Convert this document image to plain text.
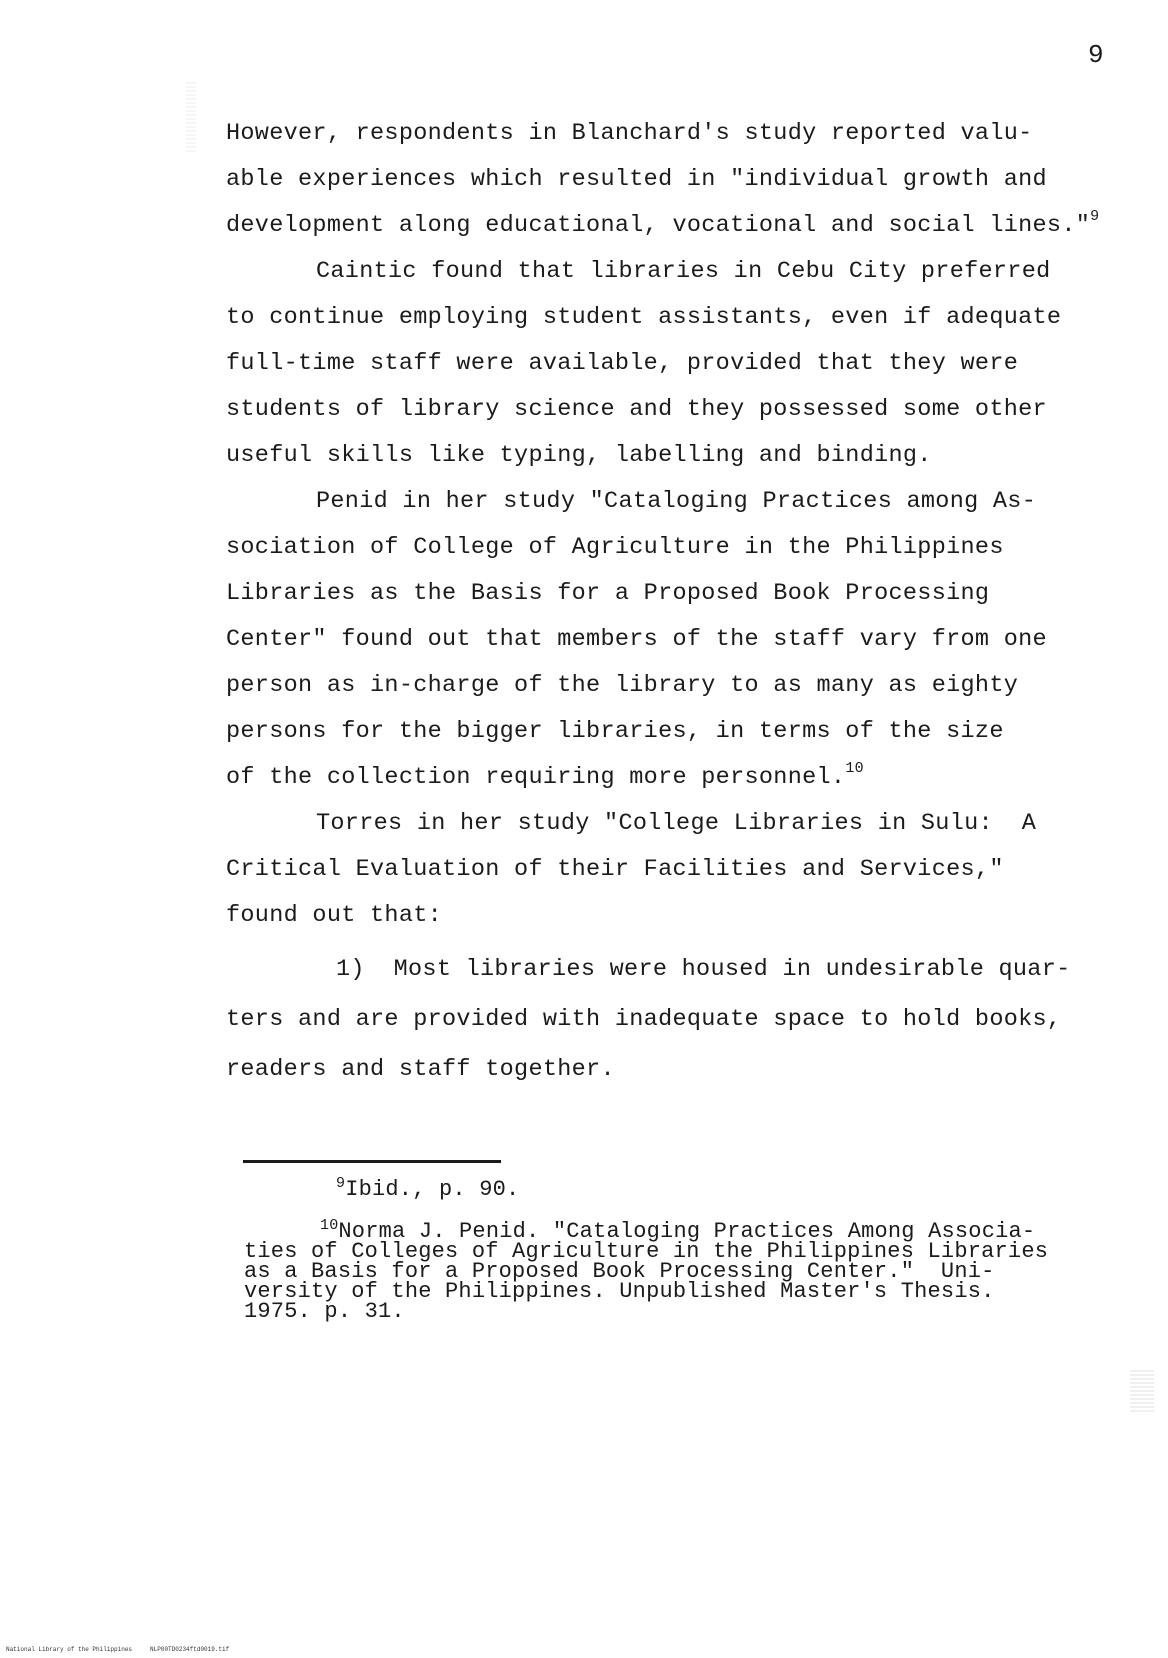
9
However, respondents in Blanchard's study reported valu-
able experiences which resulted in "individual growth and
development along educational, vocational and social lines."$^9$
Caintic found that libraries in Cebu City preferred
to continue employing student assistants, even if adequate
full-time staff were available, provided that they were
students of library science and they possessed some other
useful skills like typing, labelling and binding.
Penid in her study "Cataloging Practices among As-
sociation of College of Agriculture in the Philippines
Libraries as the Basis for a Proposed Book Processing
Center" found out that members of the staff vary from one
person as in-charge of the library to as many as eighty
persons for the bigger libraries, in terms of the size
of the collection requiring more personnel.$^{10}$
Torres in her study "College Libraries in Sulu:  A
Critical Evaluation of their Facilities and Services,"
found out that:
1)  Most libraries were housed in undesirable quar-
ters and are provided with inadequate space to hold books,
readers and staff together.
$^9$Ibid., p. 90.
$^{10}$Norma J. Penid. "Cataloging Practices Among Associa-
ties of Colleges of Agriculture in the Philippines Libraries
as a Basis for a Proposed Book Processing Center."  Uni-
versity of the Philippines. Unpublished Master's Thesis.
1975. p. 31.
National Library of the Philippines	NLP00TD0234ftd0019.tif
